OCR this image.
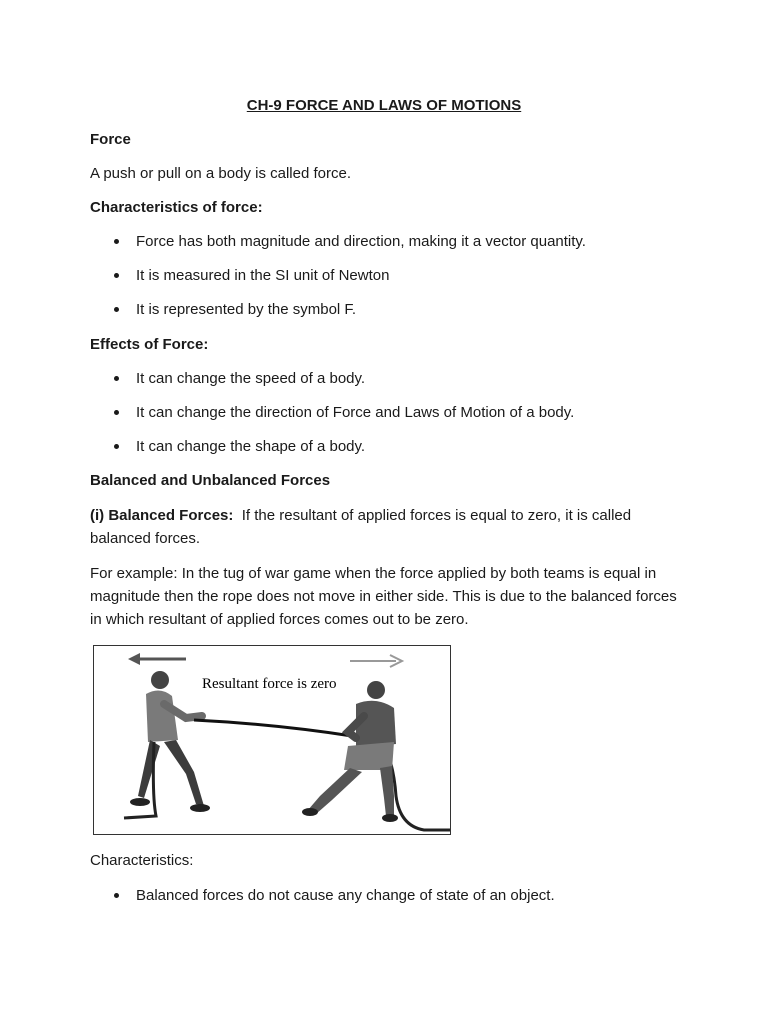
CH-9 FORCE AND LAWS OF MOTIONS
Force
A push or pull on a body is called force.
Characteristics of force:
Force has both magnitude and direction, making it a vector quantity.
It is measured in the SI unit of Newton
It is represented by the symbol F.
Effects of Force:
It can change the speed of a body.
It can change the direction of Force and Laws of Motion of a body.
It can change the shape of a body.
Balanced and Unbalanced Forces
(i) Balanced Forces: If the resultant of applied forces is equal to zero, it is called balanced forces.
For example: In the tug of war game when the force applied by both teams is equal in magnitude then the rope does not move in either side. This is due to the balanced forces in which resultant of applied forces comes out to be zero.
Resultant force is zero
Characteristics:
Balanced forces do not cause any change of state of an object.
